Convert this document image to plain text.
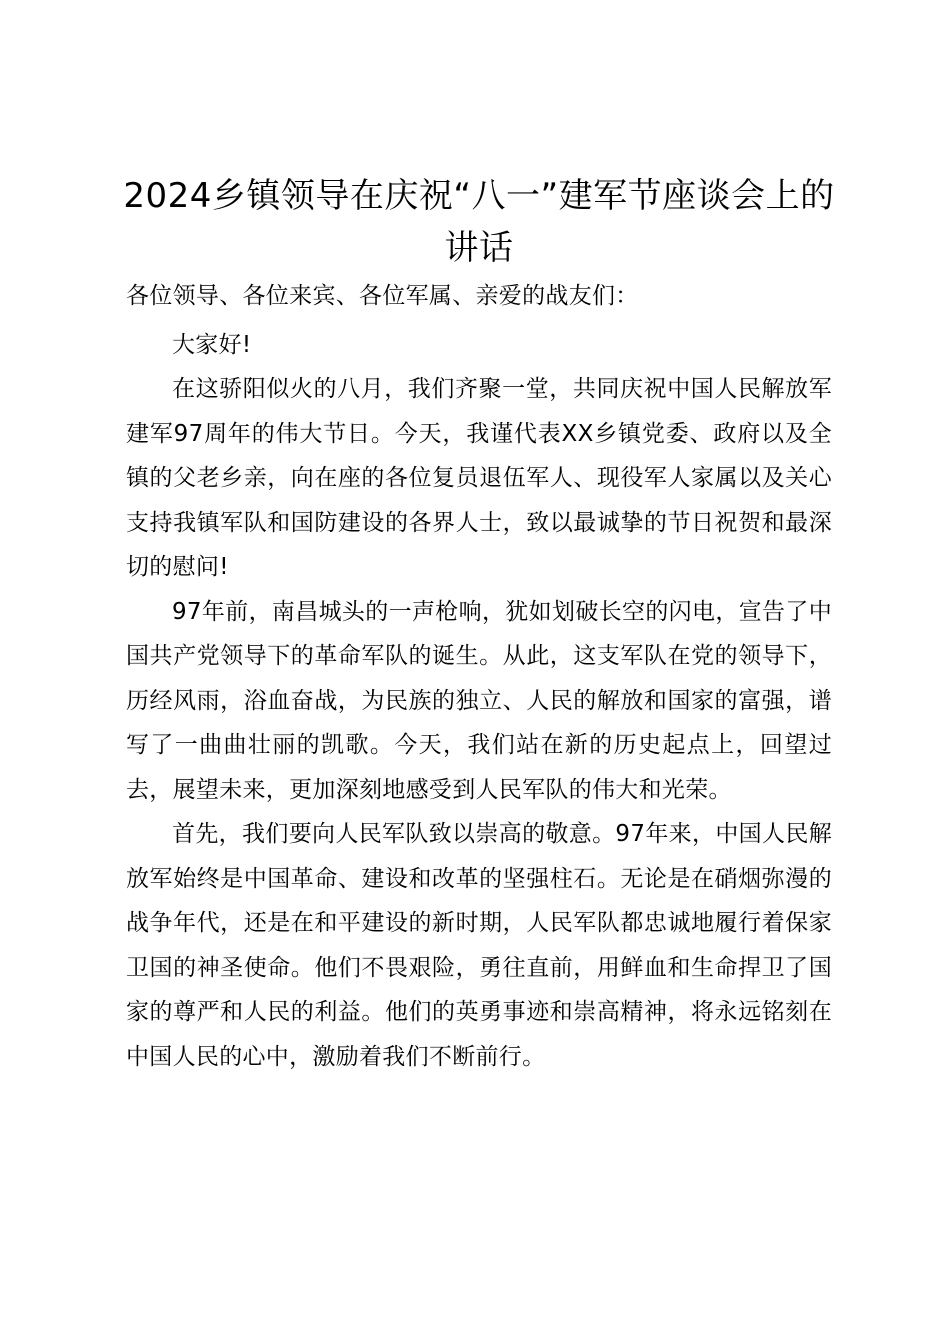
2024乡镇领导在庆祝“八一”建军节座谈会上的讲话

各位领导、各位来宾、各位军属、亲爱的战友们：

大家好!

在这骄阳似火的八月，我们齐聚一堂，共同庆祝中国人民解放军建军97周年的伟大节日。今天，我谨代表XX乡镇党委、政府以及全镇的父老乡亲，向在座的各位复员退伍军人、现役军人家属以及关心支持我镇军队和国防建设的各界人士，致以最诚挚的节日祝贺和最深切的慰问!

97年前，南昌城头的一声枪响，犹如划破长空的闪电，宣告了中国共产党领导下的革命军队的诞生。从此，这支军队在党的领导下，历经风雨，浴血奋战，为民族的独立、人民的解放和国家的富强，谱写了一曲曲壮丽的凯歌。今天，我们站在新的历史起点上，回望过去，展望未来，更加深刻地感受到人民军队的伟大和光荣。

首先，我们要向人民军队致以崇高的敬意。97年来，中国人民解放军始终是中国革命、建设和改革的坚强柱石。无论是在硝烟弥漫的战争年代，还是在和平建设的新时期，人民军队都忠诚地履行着保家卫国的神圣使命。他们不畏艰险，勇往直前，用鲜血和生命捍卫了国家的尊严和人民的利益。他们的英勇事迹和崇高精神，将永远铭刻在中国人民的心中，激励着我们不断前行。
